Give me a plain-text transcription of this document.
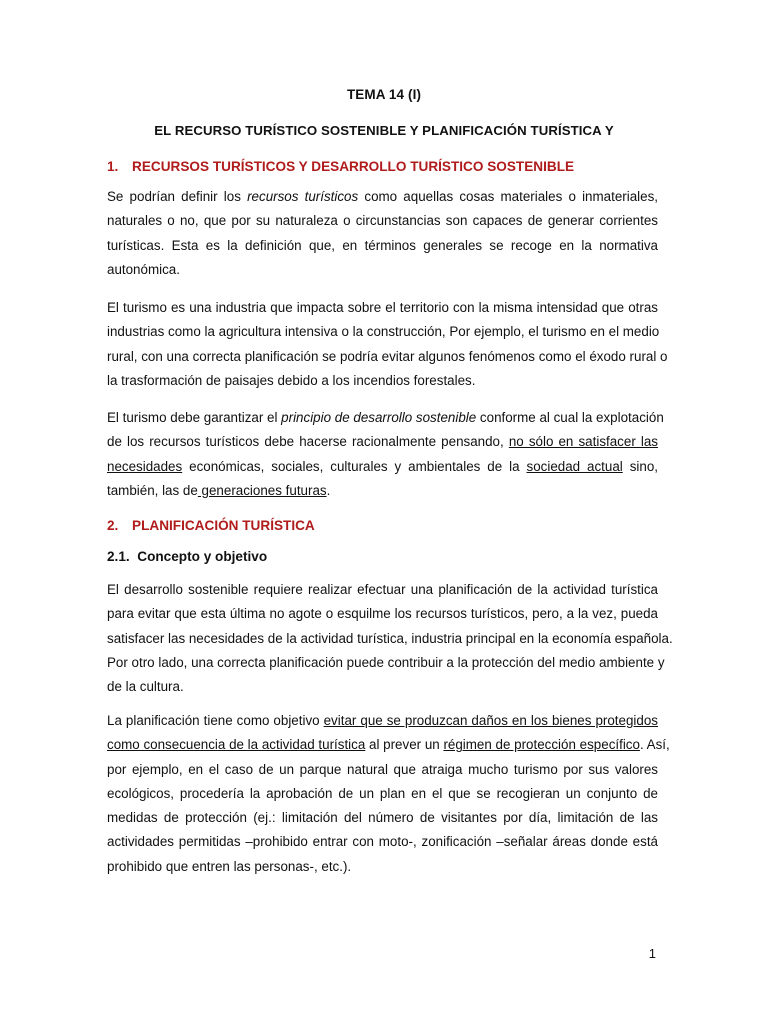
TEMA 14 (I)
EL RECURSO TURÍSTICO SOSTENIBLE Y PLANIFICACIÓN TURÍSTICA Y
1. RECURSOS TURÍSTICOS Y DESARROLLO TURÍSTICO SOSTENIBLE
Se podrían definir los recursos turísticos como aquellas cosas materiales o inmateriales,
naturales o no, que por su naturaleza o circunstancias son capaces de generar corrientes
turísticas. Esta es la definición que, en términos generales se recoge en la normativa
autonómica.
El turismo es una industria que impacta sobre el territorio con la misma intensidad que otras
industrias como la agricultura intensiva o la construcción, Por ejemplo, el turismo en el medio
rural, con una correcta planificación se podría evitar algunos fenómenos como el éxodo rural o
la trasformación de paisajes debido a los incendios forestales.
El turismo debe garantizar el principio de desarrollo sostenible conforme al cual la explotación
de los recursos turísticos debe hacerse racionalmente pensando, no sólo en satisfacer las
necesidades económicas, sociales, culturales y ambientales de la sociedad actual sino,
también, las de generaciones futuras.
2. PLANIFICACIÓN TURÍSTICA
2.1. Concepto y objetivo
El desarrollo sostenible requiere realizar efectuar una planificación de la actividad turística
para evitar que esta última no agote o esquilme los recursos turísticos, pero, a la vez, pueda
satisfacer las necesidades de la actividad turística, industria principal en la economía española.
Por otro lado, una correcta planificación puede contribuir a la protección del medio ambiente y
de la cultura.
La planificación tiene como objetivo evitar que se produzcan daños en los bienes protegidos
como consecuencia de la actividad turística al prever un régimen de protección específico. Así,
por ejemplo, en el caso de un parque natural que atraiga mucho turismo por sus valores
ecológicos, procedería la aprobación de un plan en el que se recogieran un conjunto de
medidas de protección (ej.: limitación del número de visitantes por día, limitación de las
actividades permitidas –prohibido entrar con moto-, zonificación –señalar áreas donde está
prohibido que entren las personas-, etc.).
1
